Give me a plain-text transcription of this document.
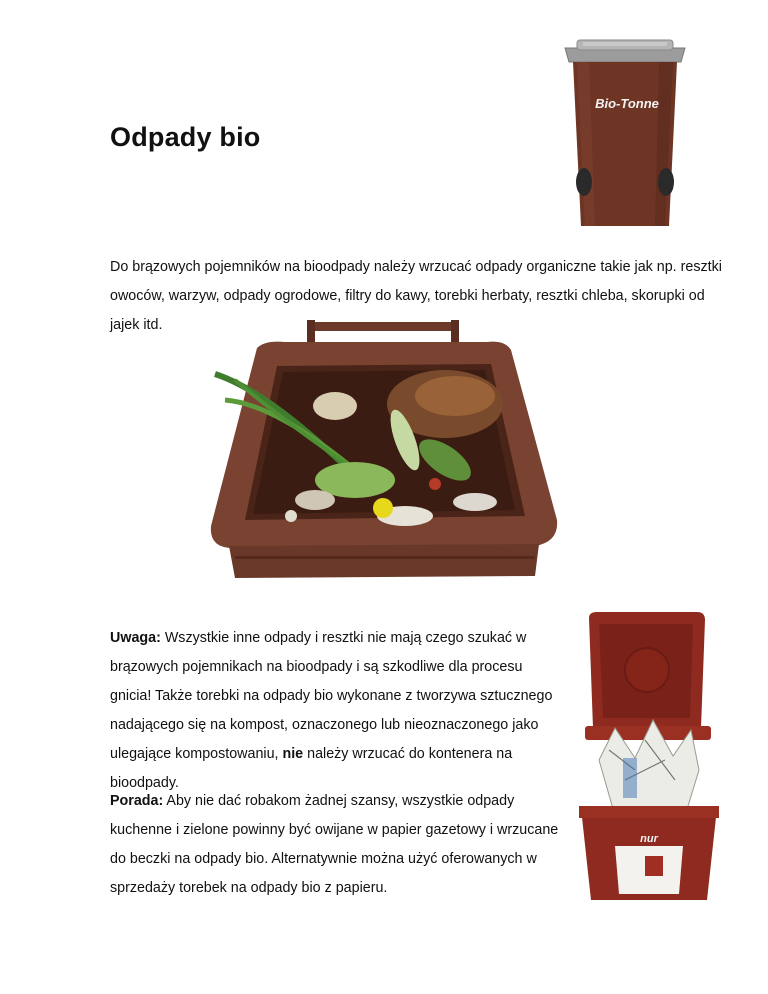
Odpady bio
Bio-Tonne

Do brązowych pojemników na bioodpady należy wrzucać odpady organiczne takie jak np. resztki owoców, warzyw, odpady ogrodowe, filtry do kawy, torebki herbaty, resztki chleba, skorupki od jajek itd.

Uwaga: Wszystkie inne odpady i resztki nie mają czego szukać w brązowych pojemnikach na bioodpady i są szkodliwe dla procesu gnicia! Także torebki na odpady bio wykonane z tworzywa sztucznego nadającego się na kompost, oznaczonego lub nieoznaczonego jako ulegające kompostowaniu, nie należy wrzucać do kontenera na bioodpady.

Porada: Aby nie dać robakom żadnej szansy, wszystkie odpady kuchenne i zielone powinny być owijane w papier gazetowy i wrzucane do beczki na odpady bio. Alternatywnie można użyć oferowanych w sprzedaży torebek na odpady bio z papieru.

nur
